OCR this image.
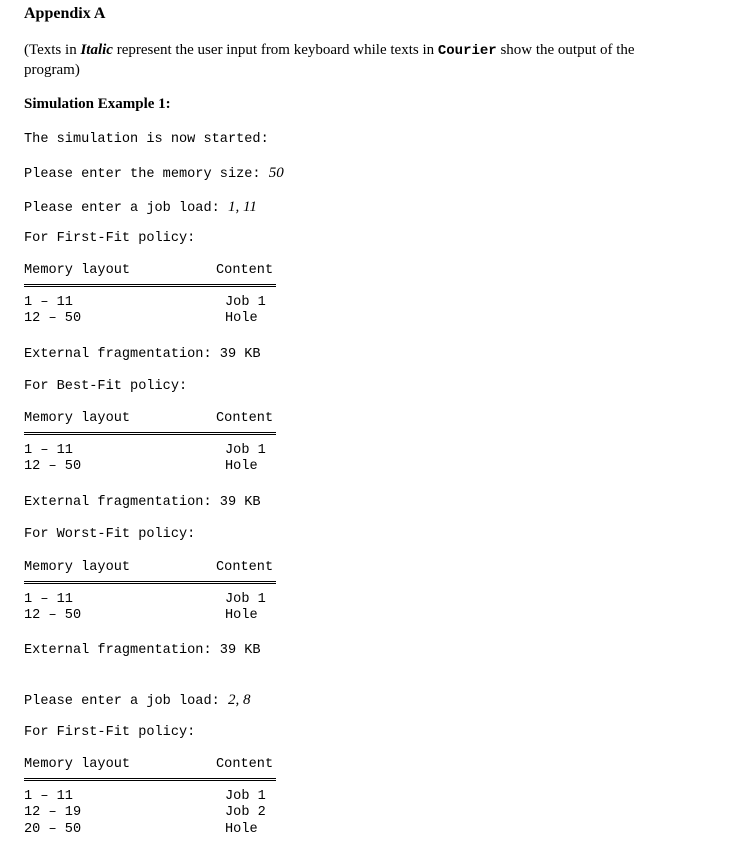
Appendix A
(Texts in Italic represent the user input from keyboard while texts in Courier show the output of the program)
Simulation Example 1:
The simulation is now started:
Please enter the memory size: 50
Please enter a job load: 1, 11
For First-Fit policy:
Memory layout	Content
1 – 11	Job 1
12 – 50	Hole
External fragmentation: 39 KB
For Best-Fit policy:
Memory layout	Content
1 – 11	Job 1
12 – 50	Hole
External fragmentation: 39 KB
For Worst-Fit policy:
Memory layout	Content
1 – 11	Job 1
12 – 50	Hole
External fragmentation: 39 KB
Please enter a job load: 2, 8
For First-Fit policy:
Memory layout	Content
1 – 11	Job 1
12 – 19	Job 2
20 – 50	Hole
